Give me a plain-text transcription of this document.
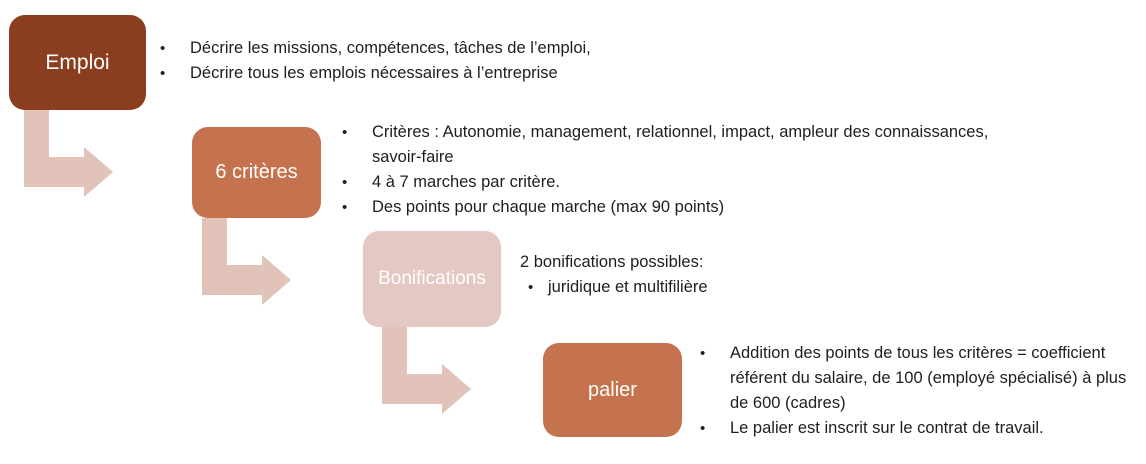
Emploi
6 critères
Bonifications
palier
•	Décrire les missions, compétences, tâches de l’emploi,
•	Décrire tous les emplois nécessaires à l’entreprise
•	Critères : Autonomie, management, relationnel, impact, ampleur des connaissances, savoir-faire
•	4 à 7 marches par critère.
•	Des points pour chaque marche (max 90 points)
2 bonifications possibles:
• juridique et multifilière
•	Addition des points de tous les critères = coefficient référent du salaire, de 100 (employé spécialisé) à plus de 600 (cadres)
•	Le palier est inscrit sur le contrat de travail.
